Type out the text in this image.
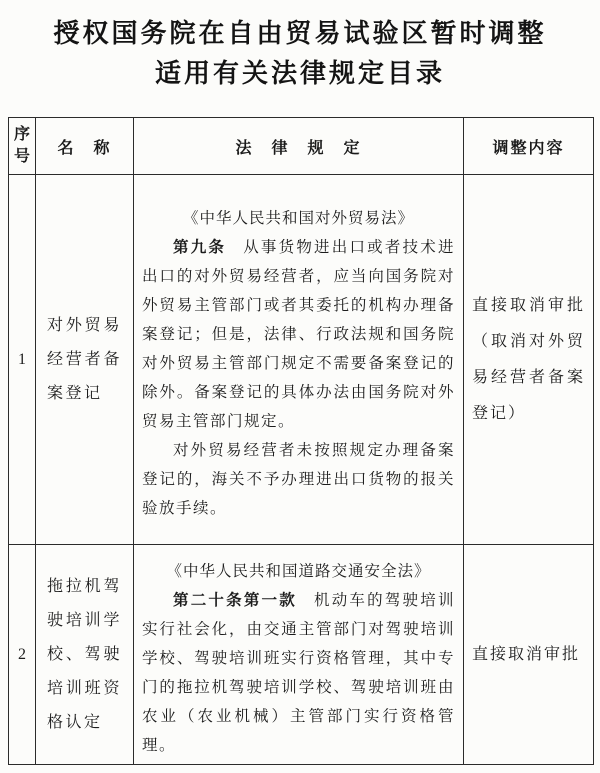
授权国务院在自由贸易试验区暂时调整
适用有关法律规定目录
序号	名　称	法　律　规　定	调整内容
1	对外贸易经营者备案登记	《中华人民共和国对外贸易法》

第九条 从事货物进出口或者技术进出口的对外贸易经营者，应当向国务院对外贸易主管部门或者其委托的机构办理备案登记；但是，法律、行政法规和国务院对外贸易主管部门规定不需要备案登记的除外。备案登记的具体办法由国务院对外贸易主管部门规定。

对外贸易经营者未按照规定办理备案登记的，海关不予办理进出口货物的报关验放手续。	直接取消审批（取消对外贸易经营者备案登记）

2	拖拉机驾驶培训学校、驾驶培训班资格认定	《中华人民共和国道路交通安全法》

第二十条第一款 机动车的驾驶培训实行社会化，由交通主管部门对驾驶培训学校、驾驶培训班实行资格管理，其中专门的拖拉机驾驶培训学校、驾驶培训班由农业（农业机械）主管部门实行资格管理。	直接取消审批
